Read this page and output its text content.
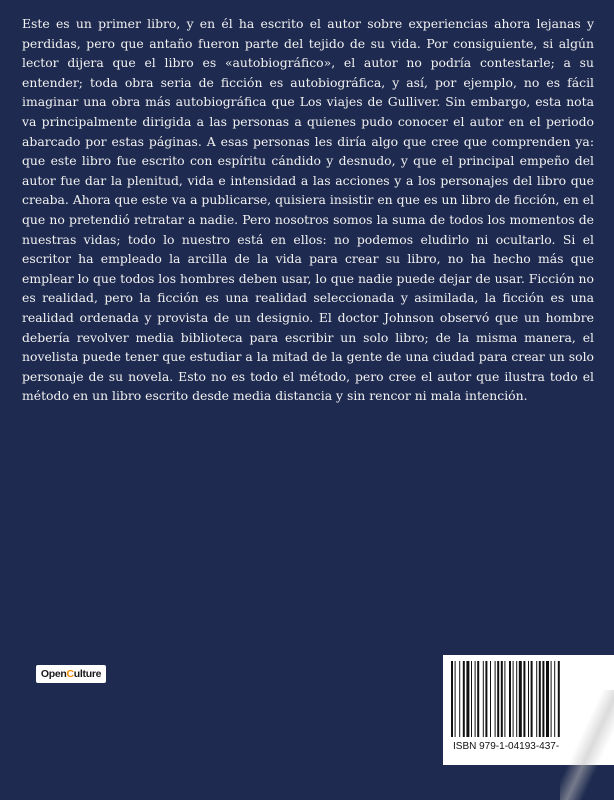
Este es un primer libro, y en él ha escrito el autor sobre experiencias ahora lejanas y perdidas, pero que antaño fueron parte del tejido de su vida. Por consiguiente, si algún lector dijera que el libro es «autobiográfico», el autor no podría contestarle; a su entender; toda obra seria de ficción es autobiográfica, y así, por ejemplo, no es fácil imaginar una obra más autobiográfica que Los viajes de Gulliver. Sin embargo, esta nota va principalmente dirigida a las personas a quienes pudo conocer el autor en el periodo abarcado por estas páginas. A esas personas les diría algo que cree que comprenden ya: que este libro fue escrito con espíritu cándido y desnudo, y que el principal empeño del autor fue dar la plenitud, vida e intensidad a las acciones y a los personajes del libro que creaba. Ahora que este va a publicarse, quisiera insistir en que es un libro de ficción, en el que no pretendió retratar a nadie. Pero nosotros somos la suma de todos los momentos de nuestras vidas; todo lo nuestro está en ellos: no podemos eludirlo ni ocultarlo. Si el escritor ha empleado la arcilla de la vida para crear su libro, no ha hecho más que emplear lo que todos los hombres deben usar, lo que nadie puede dejar de usar. Ficción no es realidad, pero la ficción es una realidad seleccionada y asimilada, la ficción es una realidad ordenada y provista de un designio. El doctor Johnson observó que un hombre debería revolver media biblioteca para escribir un solo libro; de la misma manera, el novelista puede tener que estudiar a la mitad de la gente de una ciudad para crear un solo personaje de su novela. Esto no es todo el método, pero cree el autor que ilustra todo el método en un libro escrito desde media distancia y sin rencor ni mala intención.

Open C ulture
ISBN 979-1-04193-437-
